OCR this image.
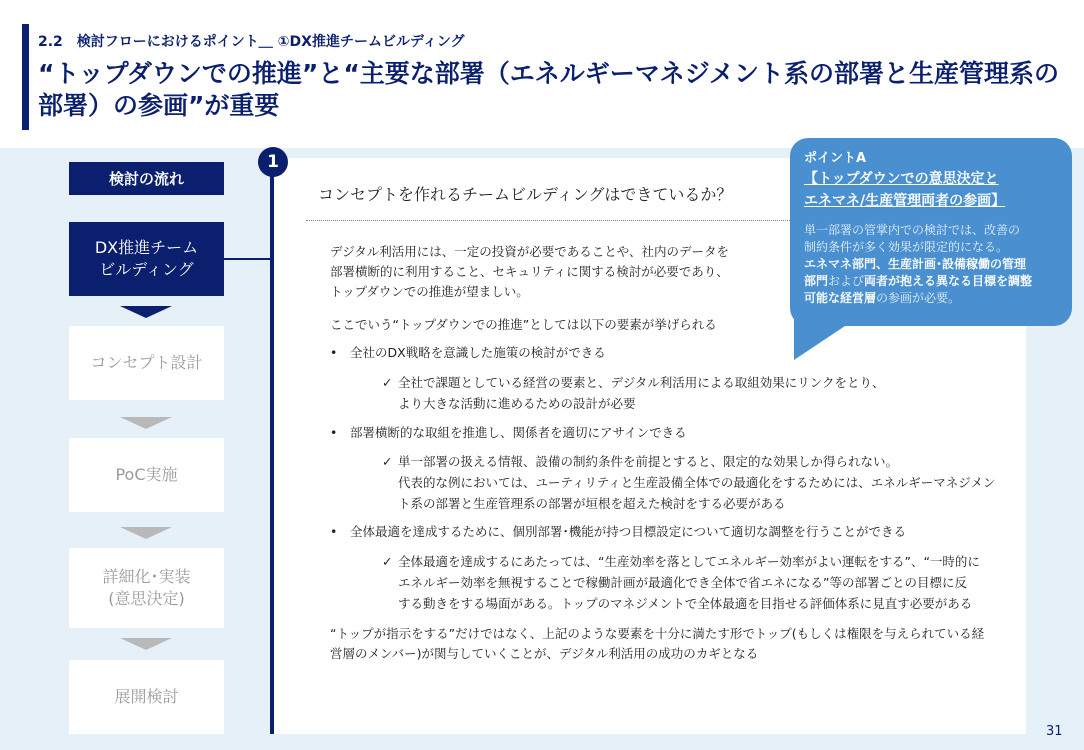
2.2　検討フローにおけるポイント＿ ①DX推進チームビルディング
“トップダウンでの推進”と“主要な部署（エネルギーマネジメント系の部署と生産管理系の部署）の参画”が重要
検討の流れ
DX推進チーム
ビルディング
コンセプト設計
PoC実施
詳細化･実装
(意思決定)
展開検討
1
コンセプトを作れるチームビルディングはできているか？
デジタル利活用には、一定の投資が必要であることや、社内のデータを
部署横断的に利用すること、セキュリティに関する検討が必要であり、
トップダウンでの推進が望ましい。
ここでいう“トップダウンでの推進”としては以下の要素が挙げられる
• 全社のDX戦略を意識した施策の検討ができる
✓ 全社で課題としている経営の要素と、デジタル利活用による取組効果にリンクをとり、
より大きな活動に進めるための設計が必要
• 部署横断的な取組を推進し、関係者を適切にアサインできる
✓ 単一部署の扱える情報、設備の制約条件を前提とすると、限定的な効果しか得られない。
代表的な例においては、ユーティリティと生産設備全体での最適化をするためには、エネルギーマネジメン
ト系の部署と生産管理系の部署が垣根を超えた検討をする必要がある
• 全体最適を達成するために、個別部署･機能が持つ目標設定について適切な調整を行うことができる
✓ 全体最適を達成するにあたっては、“生産効率を落としてエネルギー効率がよい運転をする”、“一時的に
エネルギー効率を無視することで稼働計画が最適化でき全体で省エネになる”等の部署ごとの目標に反
する動きをする場面がある。トップのマネジメントで全体最適を目指せる評価体系に見直す必要がある
“トップが指示をする”だけではなく、上記のような要素を十分に満たす形でトップ(もしくは権限を与えられている経
営層のメンバー)が関与していくことが、デジタル利活用の成功のカギとなる
ポイントA
【トップダウンでの意思決定と
エネマネ/生産管理両者の参画】
単一部署の管掌内での検討では、改善の
制約条件が多く効果が限定的になる。
エネマネ部門、生産計画･設備稼働の管理
部門および両者が抱える異なる目標を調整
可能な経営層の参画が必要。
31
